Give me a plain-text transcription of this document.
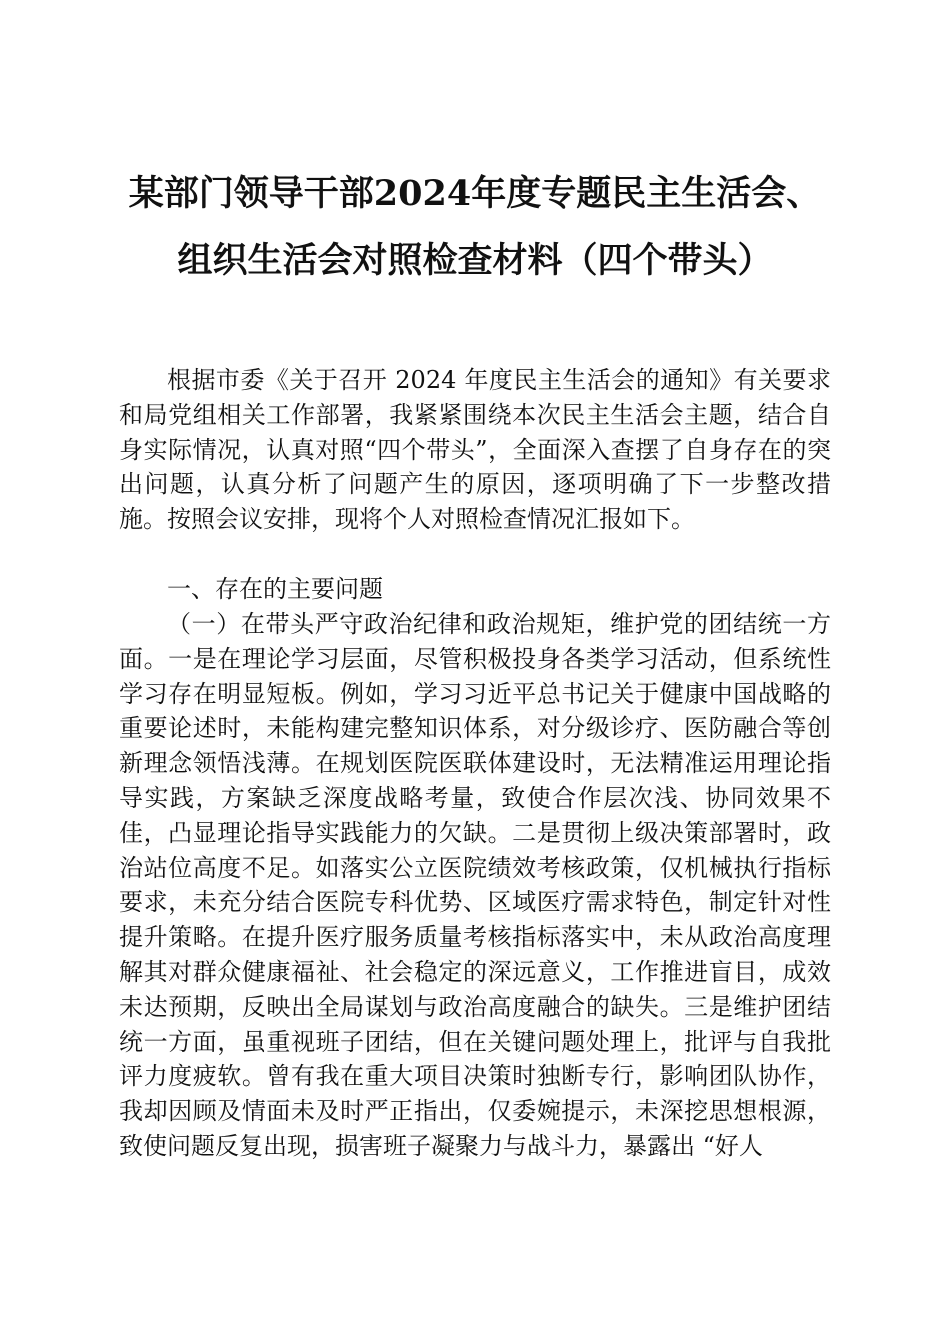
某部门领导干部2024年度专题民主生活会、
组织生活会对照检查材料（四个带头）

根据市委《关于召开 2024 年度民主生活会的通知》有关要求和局党组相关工作部署，我紧紧围绕本次民主生活会主题，结合自身实际情况，认真对照“四个带头”，全面深入查摆了自身存在的突出问题，认真分析了问题产生的原因，逐项明确了下一步整改措施。按照会议安排，现将个人对照检查情况汇报如下。

一、存在的主要问题

（一）在带头严守政治纪律和政治规矩，维护党的团结统一方面。一是在理论学习层面，尽管积极投身各类学习活动，但系统性学习存在明显短板。例如，学习习近平总书记关于健康中国战略的重要论述时，未能构建完整知识体系，对分级诊疗、医防融合等创新理念领悟浅薄。在规划医院医联体建设时，无法精准运用理论指导实践，方案缺乏深度战略考量，致使合作层次浅、协同效果不佳，凸显理论指导实践能力的欠缺。二是贯彻上级决策部署时，政治站位高度不足。如落实公立医院绩效考核政策，仅机械执行指标要求，未充分结合医院专科优势、区域医疗需求特色，制定针对性提升策略。在提升医疗服务质量考核指标落实中，未从政治高度理解其对群众健康福祉、社会稳定的深远意义，工作推进盲目，成效未达预期，反映出全局谋划与政治高度融合的缺失。三是维护团结统一方面，虽重视班子团结，但在关键问题处理上，批评与自我批评力度疲软。曾有我在重大项目决策时独断专行，影响团队协作，我却因顾及情面未及时严正指出，仅委婉提示，未深挖思想根源，致使问题反复出现，损害班子凝聚力与战斗力，暴露出 “好人
